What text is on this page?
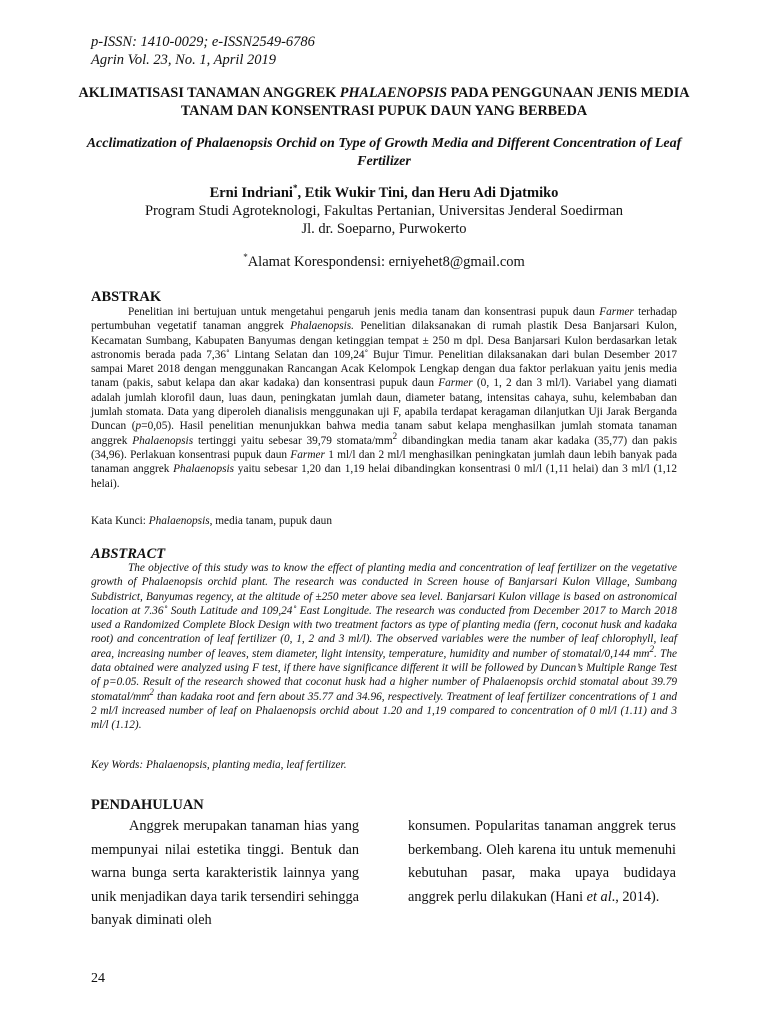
p-ISSN: 1410-0029; e-ISSN2549-6786
Agrin Vol. 23, No. 1, April 2019
AKLIMATISASI TANAMAN ANGGREK PHALAENOPSIS PADA PENGGUNAAN JENIS MEDIA TANAM DAN KONSENTRASI PUPUK DAUN YANG BERBEDA
Acclimatization of Phalaenopsis Orchid on Type of Growth Media and Different Concentration of Leaf Fertilizer
Erni Indriani*, Etik Wukir Tini, dan Heru Adi Djatmiko
Program Studi Agroteknologi, Fakultas Pertanian, Universitas Jenderal Soedirman
Jl. dr. Soeparno, Purwokerto
*Alamat Korespondensi: erniyehet8@gmail.com
ABSTRAK
Penelitian ini bertujuan untuk mengetahui pengaruh jenis media tanam dan konsentrasi pupuk daun Farmer terhadap pertumbuhan vegetatif tanaman anggrek Phalaenopsis. Penelitian dilaksanakan di rumah plastik Desa Banjarsari Kulon, Kecamatan Sumbang, Kabupaten Banyumas dengan ketinggian tempat ± 250 m dpl. Desa Banjarsari Kulon berdasarkan letak astronomis berada pada 7,36˚ Lintang Selatan dan 109,24˚ Bujur Timur. Penelitian dilaksanakan dari bulan Desember 2017 sampai Maret 2018 dengan menggunakan Rancangan Acak Kelompok Lengkap dengan dua faktor perlakuan yaitu jenis media tanam (pakis, sabut kelapa dan akar kadaka) dan konsentrasi pupuk daun Farmer (0, 1, 2 dan 3 ml/l). Variabel yang diamati adalah jumlah klorofil daun, luas daun, peningkatan jumlah daun, diameter batang, intensitas cahaya, suhu, kelembaban dan jumlah stomata. Data yang diperoleh dianalisis menggunakan uji F, apabila terdapat keragaman dilanjutkan Uji Jarak Berganda Duncan (p=0,05). Hasil penelitian menunjukkan bahwa media tanam sabut kelapa menghasilkan jumlah stomata tanaman anggrek Phalaenopsis tertinggi yaitu sebesar 39,79 stomata/$mm^2$ dibandingkan media tanam akar kadaka (35,77) dan pakis (34,96). Perlakuan konsentrasi pupuk daun Farmer 1 ml/l dan 2 ml/l menghasilkan peningkatan jumlah daun lebih banyak pada tanaman anggrek Phalaenopsis yaitu sebesar 1,20 dan 1,19 helai dibandingkan konsentrasi 0 ml/l (1,11 helai) dan 3 ml/l (1,12 helai).
Kata Kunci: Phalaenopsis, media tanam, pupuk daun
ABSTRACT
The objective of this study was to know the effect of planting media and concentration of leaf fertilizer on the vegetative growth of Phalaenopsis orchid plant. The research was conducted in Screen house of Banjarsari Kulon Village, Sumbang Subdistrict, Banyumas regency, at the altitude of ±250 meter above sea level. Banjarsari Kulon village is based on astronomical location at 7.36˚ South Latitude and 109,24˚ East Longitude. The research was conducted from December 2017 to March 2018 used a Randomized Complete Block Design with two treatment factors as type of planting media (fern, coconut husk and kadaka root) and concentration of leaf fertilizer (0, 1, 2 and 3 ml/l). The observed variables were the number of leaf chlorophyll, leaf area, increasing number of leaves, stem diameter, light intensity, temperature, humidity and number of stomatal/0,144 $mm^2$. The data obtained were analyzed using F test, if there have significance different it will be followed by Duncan’s Multiple Range Test of p=0.05. Result of the research showed that coconut husk had a higher number of Phalaenopsis orchid stomatal about 39.79 stomatal/$mm^2$ than kadaka root and fern about 35.77 and 34.96, respectively. Treatment of leaf fertilizer concentrations of 1 and 2 ml/l increased number of leaf on Phalaenopsis orchid about 1.20 and 1,19 compared to concentration of 0 ml/l (1.11) and 3 ml/l (1.12).
Key Words: Phalaenopsis, planting media, leaf fertilizer.
PENDAHULUAN
Anggrek merupakan tanaman hias yang mempunyai nilai estetika tinggi. Bentuk dan warna bunga serta karakteristik lainnya yang unik menjadikan daya tarik tersendiri sehingga banyak diminati oleh
konsumen. Popularitas tanaman anggrek terus berkembang. Oleh karena itu untuk memenuhi kebutuhan pasar, maka upaya budidaya anggrek perlu dilakukan (Hani et al., 2014).
24
